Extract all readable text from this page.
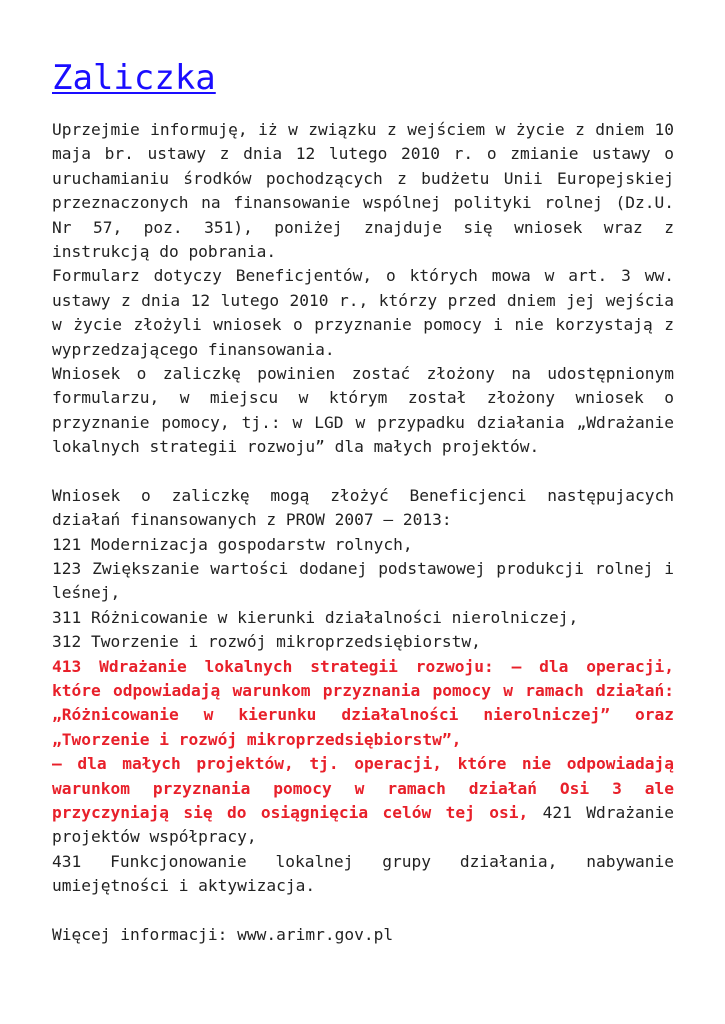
Zaliczka

Uprzejmie informuję, iż w związku z wejściem w życie z dniem 10 maja br. ustawy z dnia 12 lutego 2010 r. o zmianie ustawy o uruchamianiu środków pochodzących z budżetu Unii Europejskiej przeznaczonych na finansowanie wspólnej polityki rolnej (Dz.U. Nr 57, poz. 351), poniżej znajduje się wniosek wraz z instrukcją do pobrania.
Formularz dotyczy Beneficjentów, o których mowa w art. 3 ww. ustawy z dnia 12 lutego 2010 r., którzy przed dniem jej wejścia w życie złożyli wniosek o przyznanie pomocy i nie korzystają z wyprzedzającego finansowania.
Wniosek o zaliczkę powinien zostać złożony na udostępnionym formularzu, w miejscu w którym został złożony wniosek o przyznanie pomocy, tj.: w LGD w przypadku działania „Wdrażanie lokalnych strategii rozwoju” dla małych projektów.

Wniosek o zaliczkę mogą złożyć Beneficjenci następujacych działań finansowanych z PROW 2007 – 2013:
121 Modernizacja gospodarstw rolnych,
123 Zwiększanie wartości dodanej podstawowej produkcji rolnej i leśnej,
311 Różnicowanie w kierunki działalności nierolniczej,
312 Tworzenie i rozwój mikroprzedsiębiorstw,
413 Wdrażanie lokalnych strategii rozwoju: – dla operacji, które odpowiadają warunkom przyznania pomocy w ramach działań: „Różnicowanie w kierunku działalności nierolniczej” oraz „Tworzenie i rozwój mikroprzedsiębiorstw”,
– dla małych projektów, tj. operacji, które nie odpowiadają warunkom przyznania pomocy w ramach działań Osi 3 ale przyczyniają się do osiągnięcia celów tej osi, 421 Wdrażanie projektów współpracy,
431 Funkcjonowanie lokalnej grupy działania, nabywanie umiejętności i aktywizacja.

Więcej informacji: www.arimr.gov.pl
